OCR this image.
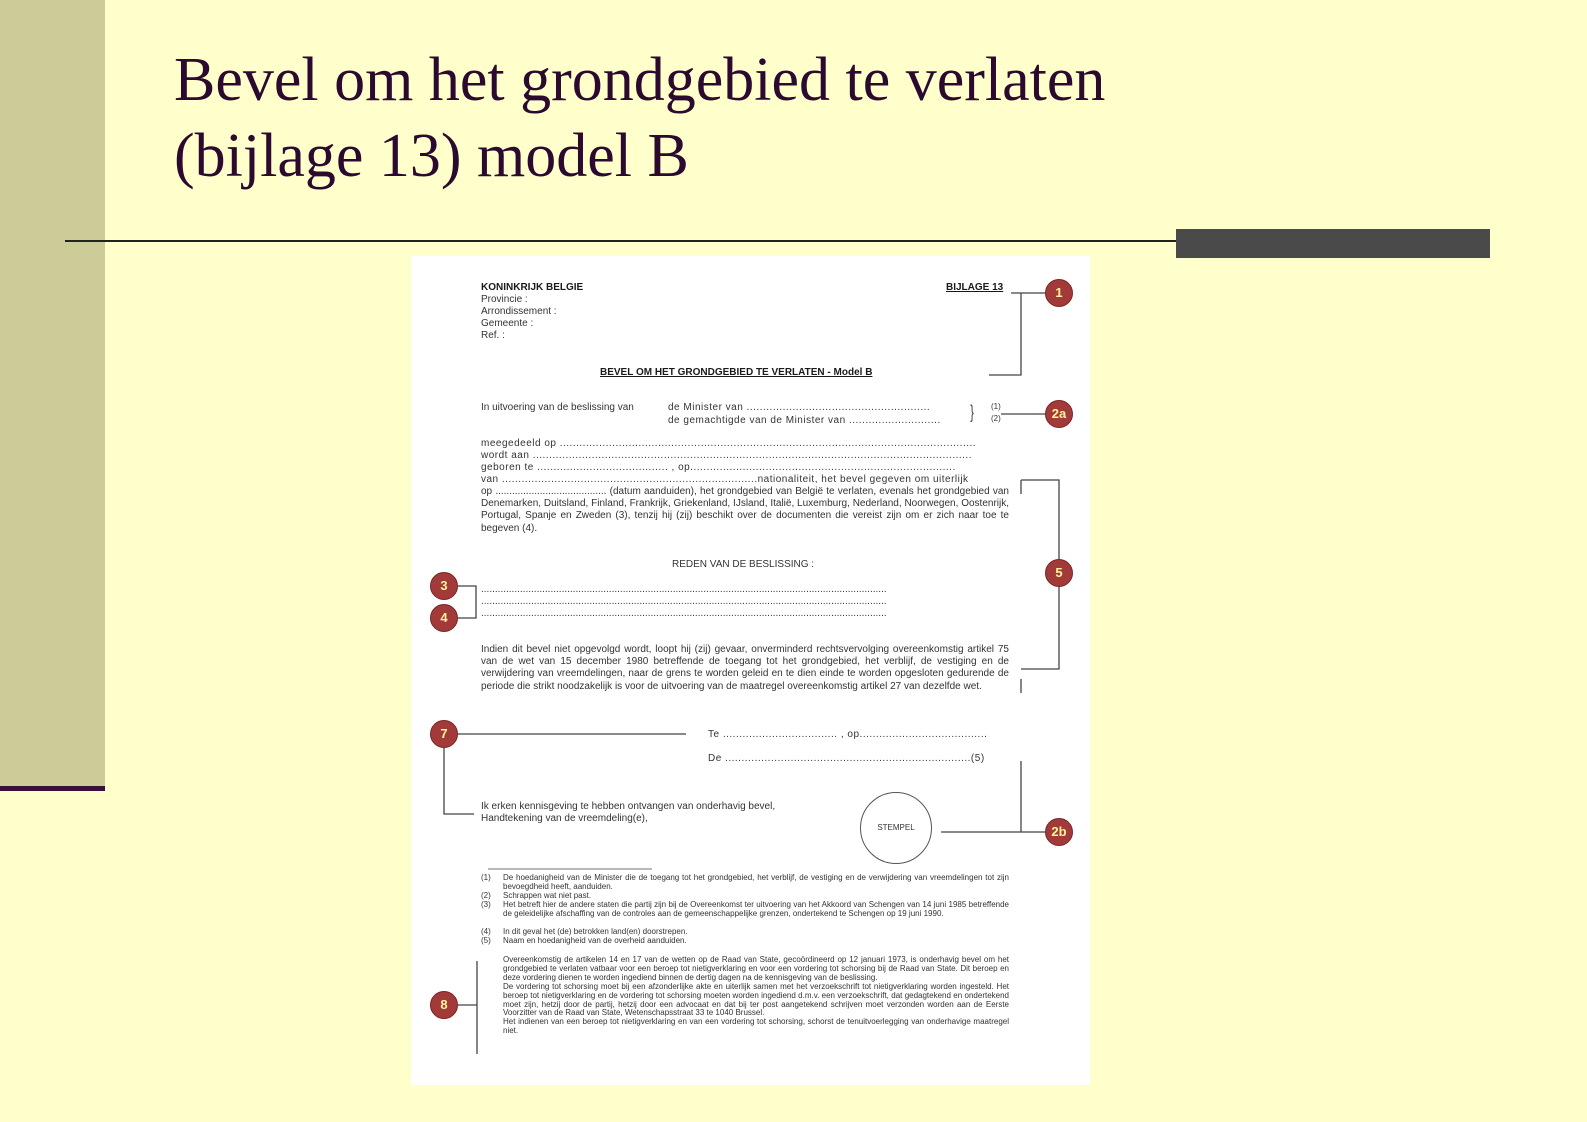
Bevel om het grondgebied te verlaten
(bijlage 13) model B
KONINKRIJK BELGIE	BIJLAGE 13
Provincie :
Arrondissement :
Gemeente :
Ref. :
BEVEL OM HET GRONDGEBIED TE VERLATEN - Model B
In uitvoering van de beslissing van	de Minister van ........................................................
de gemachtigde van de Minister van ............................ } (1)
(2)
meegedeeld op ...............................................................................................................................
wordt aan ......................................................................................................................................
geboren te ........................................ , op.................................................................................
van ..............................................................................nationaliteit, het bevel gegeven om uiterlijk
op ........................................ (datum aanduiden), het grondgebied van België te verlaten, evenals het grondgebied van Denemarken, Duitsland, Finland, Frankrijk, Griekenland, IJsland, Italië, Luxemburg, Nederland, Noorwegen, Oostenrijk, Portugal, Spanje en Zweden (3), tenzij hij (zij) beschikt over de documenten die vereist zijn om er zich naar toe te begeven (4).
REDEN VAN DE BESLISSING :
..................................................................................................................................................
..................................................................................................................................................
..................................................................................................................................................
Indien dit bevel niet opgevolgd wordt, loopt hij (zij) gevaar, onverminderd rechtsvervolging overeenkomstig artikel 75 van de wet van 15 december 1980 betreffende de toegang tot het grondgebied, het verblijf, de vestiging en de verwijdering van vreemdelingen, naar de grens te worden geleid en te dien einde te worden opgesloten gedurende de periode die strikt noodzakelijk is voor de uitvoering van de maatregel overeenkomstig artikel 27 van dezelfde wet.
Te ................................... , op.......................................
De ...........................................................................(5)
Ik erken kennisgeving te hebben ontvangen van onderhavig bevel,
Handtekening van de vreemdeling(e),
STEMPEL
(1) De hoedanigheid van de Minister die de toegang tot het grondgebied, het verblijf, de vestiging en de verwijdering van vreemdelingen tot zijn bevoegdheid heeft, aanduiden.
(2) Schrappen wat niet past.
(3) Het betreft hier de andere staten die partij zijn bij de Overeenkomst ter uitvoering van het Akkoord van Schengen van 14 juni 1985 betreffende de geleidelijke afschaffing van de controles aan de gemeenschappelijke grenzen, ondertekend te Schengen op 19 juni 1990.
(4) In dit geval het (de) betrokken land(en) doorstrepen.
(5) Naam en hoedanigheid van de overheid aanduiden.
Overeenkomstig de artikelen 14 en 17 van de wetten op de Raad van State, gecoördineerd op 12 januari 1973, is onderhavig bevel om het grondgebied te verlaten vatbaar voor een beroep tot nietigverklaring en voor een vordering tot schorsing bij de Raad van State. Dit beroep en deze vordering dienen te worden ingediend binnen de dertig dagen na de kennisgeving van de beslissing.
De vordering tot schorsing moet bij een afzonderlijke akte en uiterlijk samen met het verzoekschrift tot nietigverklaring worden ingesteld. Het beroep tot nietigverklaring en de vordering tot schorsing moeten worden ingediend d.m.v. een verzoekschrift, dat gedagtekend en ondertekend moet zijn, hetzij door de partij, hetzij door een advocaat en dat bij ter post aangetekend schrijven moet verzonden worden aan de Eerste Voorzitter van de Raad van State, Wetenschapsstraat 33 te 1040 Brussel.
Het indienen van een beroep tot nietigverklaring en van een vordering tot schorsing, schorst de tenuitvoerlegging van onderhavige maatregel niet.
1
2a
5
3
4
7
2b
8
